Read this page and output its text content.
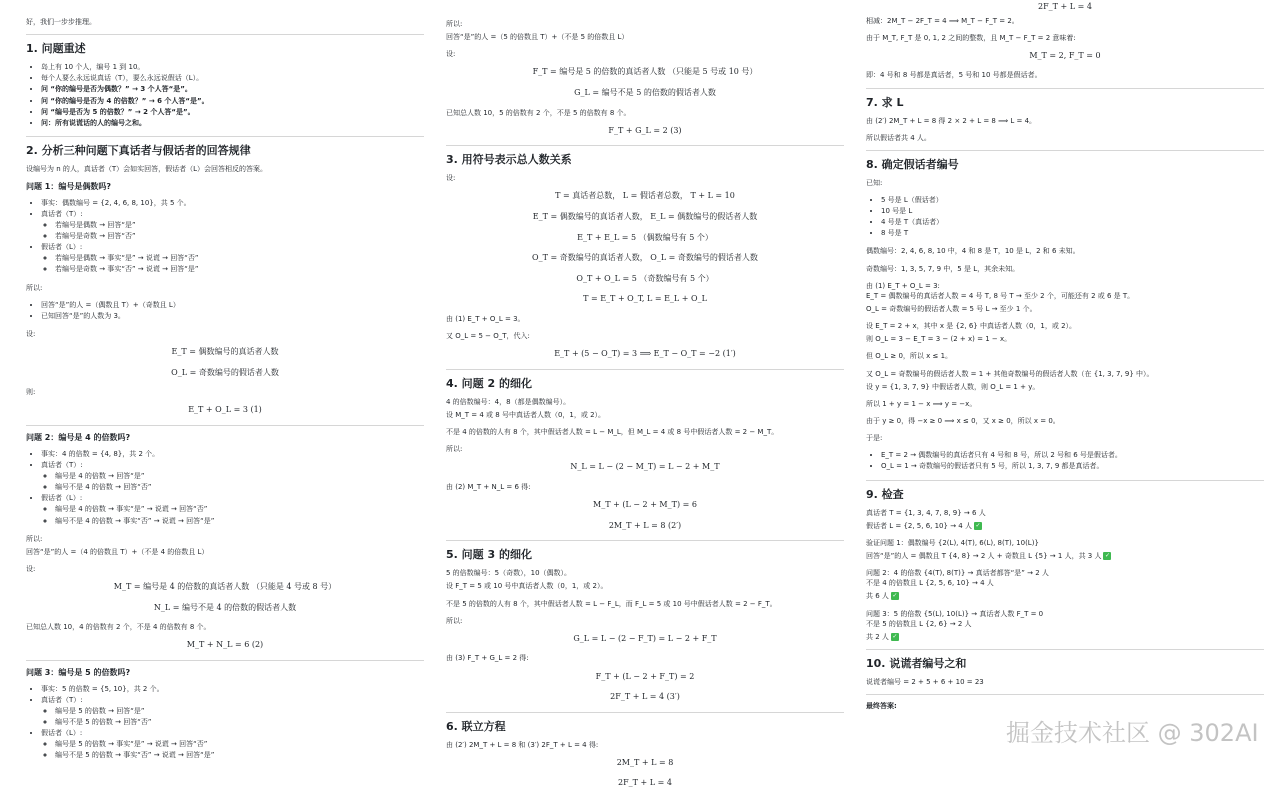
好，我们一步步推理。

1. 问题重述
• 岛上有 10 个人，编号 1 到 10。
• 每个人要么永远说真话（T），要么永远说假话（L）。
• 问 “你的编号是否为偶数？” → 3 个人答“是”。
• 问 “你的编号是否为 4 的倍数？” → 6 个人答“是”。
• 问 “编号是否为 5 的倍数？” → 2 个人答“是”。
• 问：所有说谎话的人的编号之和。
2. 分析三种问题下真话者与假话者的回答规律

设编号为 n 的人，真话者（T）会如实回答，假话者（L）会回答相反的答案。

问题 1：编号是偶数吗?
• 事实：偶数编号 = {2, 4, 6, 8, 10}，共 5 个。
• 真话者（T）:
◦ 若编号是偶数 → 回答“是”
◦ 若编号是奇数 → 回答“否”
• 假话者（L）:
◦ 若编号是偶数 → 事实“是” → 说谎 → 回答“否”
◦ 若编号是奇数 → 事实“否” → 说谎 → 回答“是”

所以:

• 回答“是”的人 =（偶数且 T）+（奇数且 L）
• 已知回答“是”的人数为 3。

设:

E_T = 偶数编号的真话者人数
O_L = 奇数编号的假话者人数

则:

E_T + O_L = 3 (1)
问题 2：编号是 4 的倍数吗?
• 事实：4 的倍数 = {4, 8}，共 2 个。
• 真话者（T）:
◦ 编号是 4 的倍数 → 回答“是”
◦ 编号不是 4 的倍数 → 回答“否”
• 假话者（L）:
◦ 编号是 4 的倍数 → 事实“是” → 说谎 → 回答“否”
◦ 编号不是 4 的倍数 → 事实“否” → 说谎 → 回答“是”

所以:

回答“是”的人 =（4 的倍数且 T）+（不是 4 的倍数且 L）

设:

M_T = 编号是 4 的倍数的真话者人数 （只能是 4 号或 8 号）
N_L = 编号不是 4 的倍数的假话者人数

已知总人数 10，4 的倍数有 2 个，不是 4 的倍数有 8 个。

M_T + N_L = 6 (2)
问题 3：编号是 5 的倍数吗?
• 事实：5 的倍数 = {5, 10}，共 2 个。
• 真话者（T）:
◦ 编号是 5 的倍数 → 回答“是”
◦ 编号不是 5 的倍数 → 回答“否”
• 假话者（L）:
◦ 编号是 5 的倍数 → 事实“是” → 说谎 → 回答“否”
◦ 编号不是 5 的倍数 → 事实“否” → 说谎 → 回答“是”

所以:

回答“是”的人 =（5 的倍数且 T）+（不是 5 的倍数且 L）

设:

F_T = 编号是 5 的倍数的真话者人数 （只能是 5 号或 10 号）
G_L = 编号不是 5 的倍数的假话者人数

已知总人数 10，5 的倍数有 2 个，不是 5 的倍数有 8 个。

F_T + G_L = 2 (3)
3. 用符号表示总人数关系

设:

T = 真话者总数， L = 假话者总数， T + L = 10
E_T = 偶数编号的真话者人数， E_L = 偶数编号的假话者人数
E_T + E_L = 5 （偶数编号有 5 个）
O_T = 奇数编号的真话者人数， O_L = 奇数编号的假话者人数
O_T + O_L = 5 （奇数编号有 5 个）
T = E_T + O_T, L = E_L + O_L

由 (1) E_T + O_L = 3。

又 O_L = 5 − O_T，代入:

E_T + (5 − O_T) = 3 ⟹ E_T − O_T = −2 (1′)
4. 问题 2 的细化

4 的倍数编号：4，8（都是偶数编号）。

设 M_T = 4 或 8 号中真话者人数（0，1，或 2）。

不是 4 的倍数的人有 8 个，其中假话者人数 = L − M_L，但 M_L = 4 或 8 号中假话者人数 = 2 − M_T。

所以:

N_L = L − (2 − M_T) = L − 2 + M_T

由 (2) M_T + N_L = 6 得:

M_T + (L − 2 + M_T) = 6
2M_T + L = 8 (2′)
5. 问题 3 的细化

5 的倍数编号：5（奇数），10（偶数）。

设 F_T = 5 或 10 号中真话者人数（0，1，或 2）。

不是 5 的倍数的人有 8 个，其中假话者人数 = L − F_L，而 F_L = 5 或 10 号中假话者人数 = 2 − F_T。

所以:

G_L = L − (2 − F_T) = L − 2 + F_T

由 (3) F_T + G_L = 2 得:

F_T + (L − 2 + F_T) = 2
2F_T + L = 4 (3′)
6. 联立方程

由 (2′) 2M_T + L = 8 和 (3′) 2F_T + L = 4 得:

2M_T + L = 8
2F_T + L = 4
2F_T + L = 4

相减：2M_T − 2F_T = 4 ⟹ M_T − F_T = 2。

由于 M_T, F_T 是 0, 1, 2 之间的整数，且 M_T − F_T = 2 意味着:

M_T = 2, F_T = 0

即：4 号和 8 号都是真话者，5 号和 10 号都是假话者。

7. 求 L

由 (2′) 2M_T + L = 8 得 2 × 2 + L = 8 ⟹ L = 4。

所以假话者共 4 人。

8. 确定假话者编号

已知:

• 5 号是 L（假话者）
• 10 号是 L
• 4 号是 T（真话者）
• 8 号是 T

偶数编号：2, 4, 6, 8, 10 中，4 和 8 是 T，10 是 L，2 和 6 未知。

奇数编号：1, 3, 5, 7, 9 中，5 是 L，其余未知。

由 (1) E_T + O_L = 3:

E_T = 偶数编号的真话者人数 = 4 号 T, 8 号 T → 至少 2 个，可能还有 2 或 6 是 T。

O_L = 奇数编号的假话者人数 = 5 号 L → 至少 1 个。

设 E_T = 2 + x，其中 x 是 {2, 6} 中真话者人数（0，1，或 2）。

则 O_L = 3 − E_T = 3 − (2 + x) = 1 − x。

但 O_L ≥ 0，所以 x ≤ 1。

又 O_L = 奇数编号的假话者人数 = 1 + 其他奇数编号的假话者人数（在 {1, 3, 7, 9} 中）。

设 y = {1, 3, 7, 9} 中假话者人数，则 O_L = 1 + y。

所以 1 + y = 1 − x ⟹ y = −x。

由于 y ≥ 0，得 −x ≥ 0 ⟹ x ≤ 0，又 x ≥ 0，所以 x = 0。

于是:

• E_T = 2 → 偶数编号的真话者只有 4 号和 8 号，所以 2 号和 6 号是假话者。
• O_L = 1 → 奇数编号的假话者只有 5 号，所以 1, 3, 7, 9 都是真话者。
9. 检查

真话者 T = {1, 3, 4, 7, 8, 9} → 6 人

假话者 L = {2, 5, 6, 10} → 4 人 ✓

验证问题 1：偶数编号 {2(L), 4(T), 6(L), 8(T), 10(L)}

回答“是”的人 = 偶数且 T {4, 8} → 2 人 + 奇数且 L {5} → 1 人，共 3 人 ✓

问题 2：4 的倍数 {4(T), 8(T)} → 真话者都答“是” → 2 人

不是 4 的倍数且 L {2, 5, 6, 10} → 4 人

共 6 人 ✓

问题 3：5 的倍数 {5(L), 10(L)} → 真话者人数 F_T = 0

不是 5 的倍数且 L {2, 6} → 2 人

共 2 人 ✓

10. 说谎者编号之和

说谎者编号 = 2 + 5 + 6 + 10 = 23

最终答案:

掘金技术社区 @ 302AI
